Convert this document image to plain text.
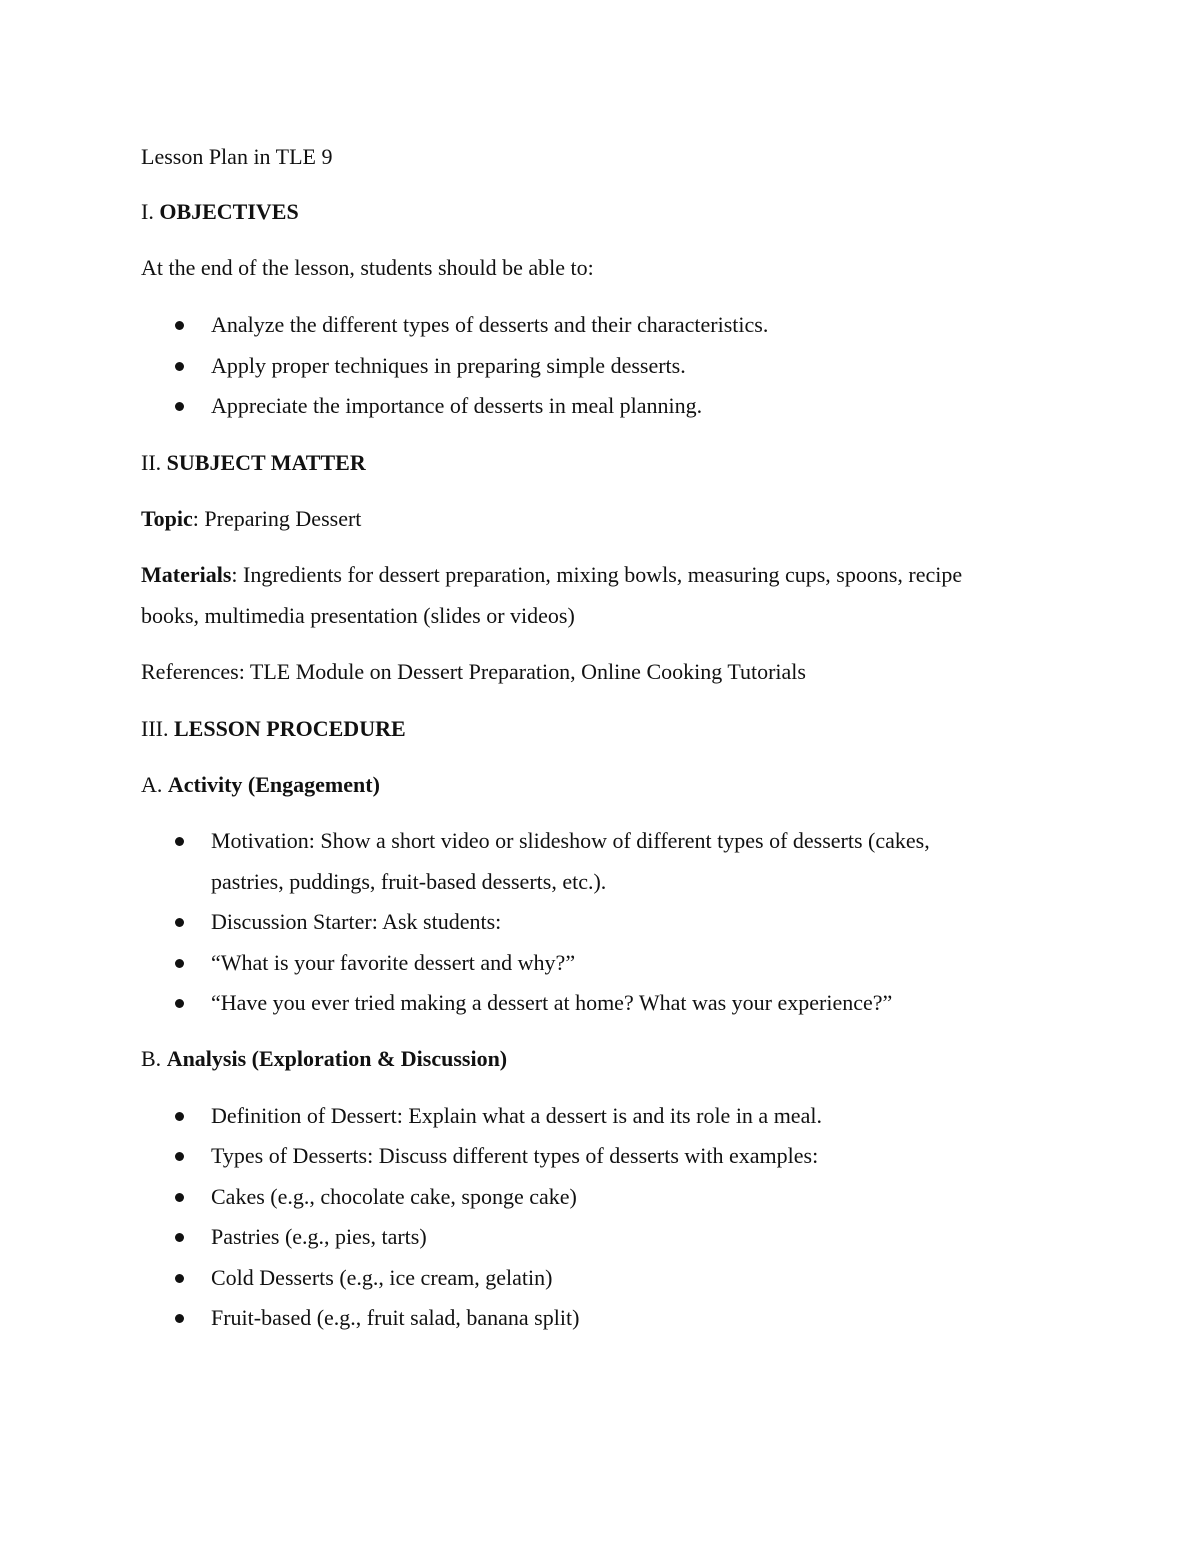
Lesson Plan in TLE 9
I. OBJECTIVES
At the end of the lesson, students should be able to:
Analyze the different types of desserts and their characteristics.
Apply proper techniques in preparing simple desserts.
Appreciate the importance of desserts in meal planning.
II. SUBJECT MATTER
Topic: Preparing Dessert
Materials: Ingredients for dessert preparation, mixing bowls, measuring cups, spoons, recipe
books, multimedia presentation (slides or videos)
References: TLE Module on Dessert Preparation, Online Cooking Tutorials
III. LESSON PROCEDURE
A. Activity (Engagement)
Motivation: Show a short video or slideshow of different types of desserts (cakes,
pastries, puddings, fruit-based desserts, etc.).
Discussion Starter: Ask students:
“What is your favorite dessert and why?”
“Have you ever tried making a dessert at home? What was your experience?”
B. Analysis (Exploration & Discussion)
Definition of Dessert: Explain what a dessert is and its role in a meal.
Types of Desserts: Discuss different types of desserts with examples:
Cakes (e.g., chocolate cake, sponge cake)
Pastries (e.g., pies, tarts)
Cold Desserts (e.g., ice cream, gelatin)
Fruit-based (e.g., fruit salad, banana split)
